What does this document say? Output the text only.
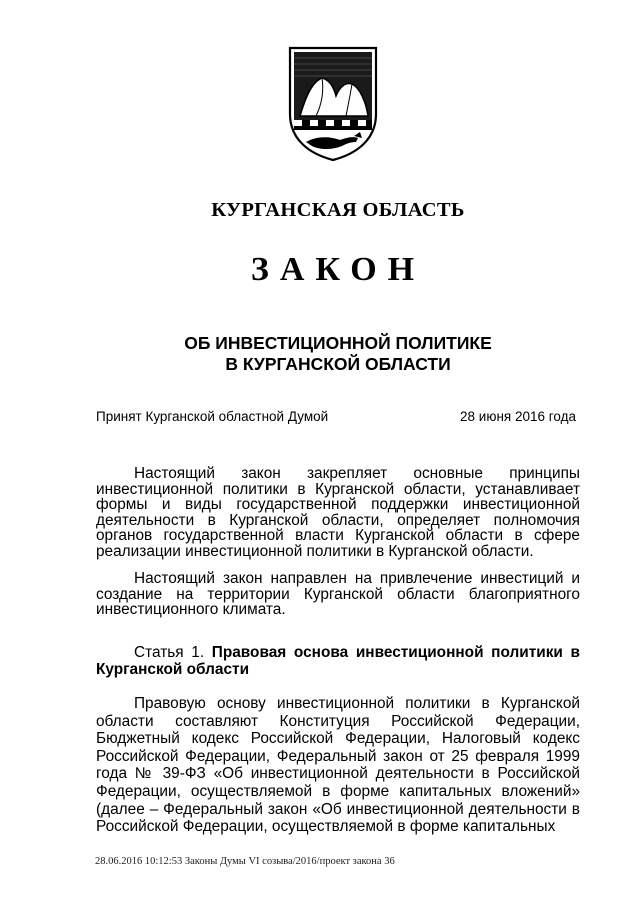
КУРГАНСКАЯ ОБЛАСТЬ
ЗАКОН
ОБ ИНВЕСТИЦИОННОЙ ПОЛИТИКЕ
В КУРГАНСКОЙ ОБЛАСТИ
Принят Курганской областной Думой	28 июня 2016 года

Настоящий закон закрепляет основные принципы инвестиционной политики в Курганской области, устанавливает формы и виды государственной поддержки инвестиционной деятельности в Курганской области, определяет полномочия органов государственной власти Курганской области в сфере реализации инвестиционной политики в Курганской области.

Настоящий закон направлен на привлечение инвестиций и создание на территории Курганской области благоприятного инвестиционного климата.

Статья 1. Правовая основа инвестиционной политики в Курганской области

Правовую основу инвестиционной политики в Курганской области составляют Конституция Российской Федерации, Бюджетный кодекс Российской Федерации, Налоговый кодекс Российской Федерации, Федеральный закон от 25 февраля 1999 года № 39-ФЗ «Об инвестиционной деятельности в Российской Федерации, осуществляемой в форме капитальных вложений» (далее – Федеральный закон «Об инвестиционной деятельности в Российской Федерации, осуществляемой в форме капитальных

28.06.2016 10:12:53 Законы Думы VI созыва/2016/проект закона 36
